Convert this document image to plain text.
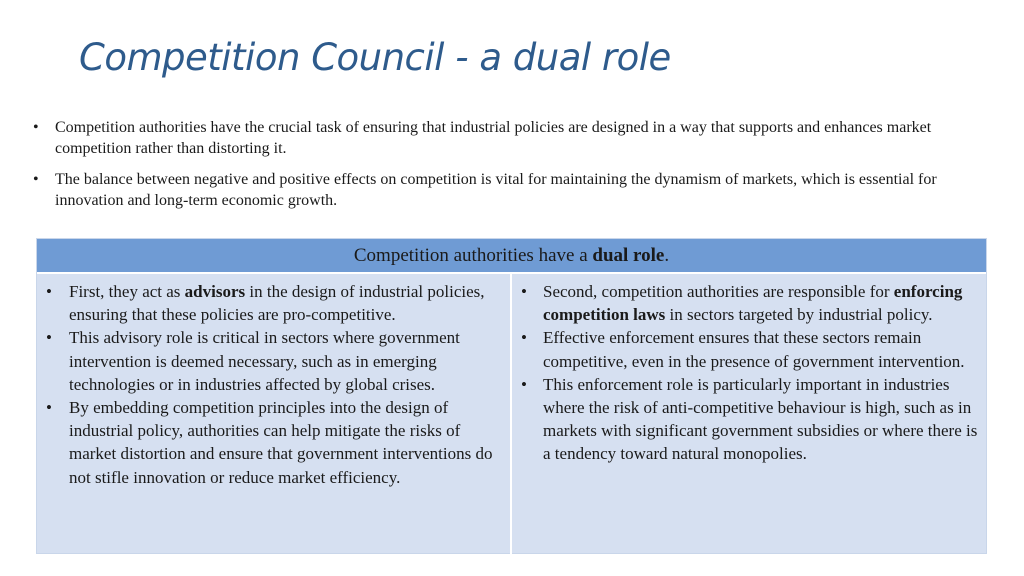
Competition Council - a dual role
• Competition authorities have the crucial task of ensuring that industrial policies are designed in a way that supports and enhances market competition rather than distorting it.
• The balance between negative and positive effects on competition is vital for maintaining the dynamism of markets, which is essential for innovation and long-term economic growth.
Competition authorities have a dual role.
• First, they act as advisors in the design of industrial policies, ensuring that these policies are pro-competitive.
• This advisory role is critical in sectors where government intervention is deemed necessary, such as in emerging technologies or in industries affected by global crises.
• By embedding competition principles into the design of industrial policy, authorities can help mitigate the risks of market distortion and ensure that government interventions do not stifle innovation or reduce market efficiency.
• Second, competition authorities are responsible for enforcing competition laws in sectors targeted by industrial policy.
• Effective enforcement ensures that these sectors remain competitive, even in the presence of government intervention.
• This enforcement role is particularly important in industries where the risk of anti-competitive behaviour is high, such as in markets with significant government subsidies or where there is a tendency toward natural monopolies.
